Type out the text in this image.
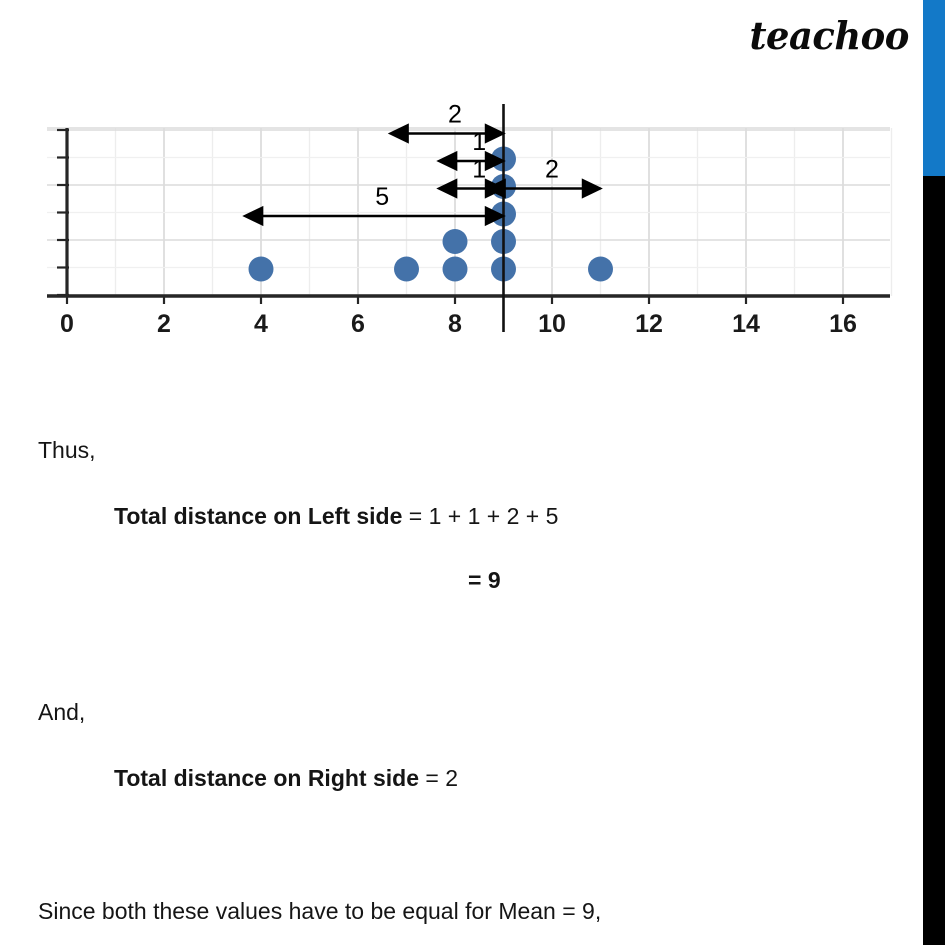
teachoo
2
1
1 2
5
0	2	4	6	8	10	12	14	16
Thus,
Total distance on Left side = 1 + 1 + 2 + 5
= 9
And,
Total distance on Right side = 2
Since both these values have to be equal for Mean = 9,
